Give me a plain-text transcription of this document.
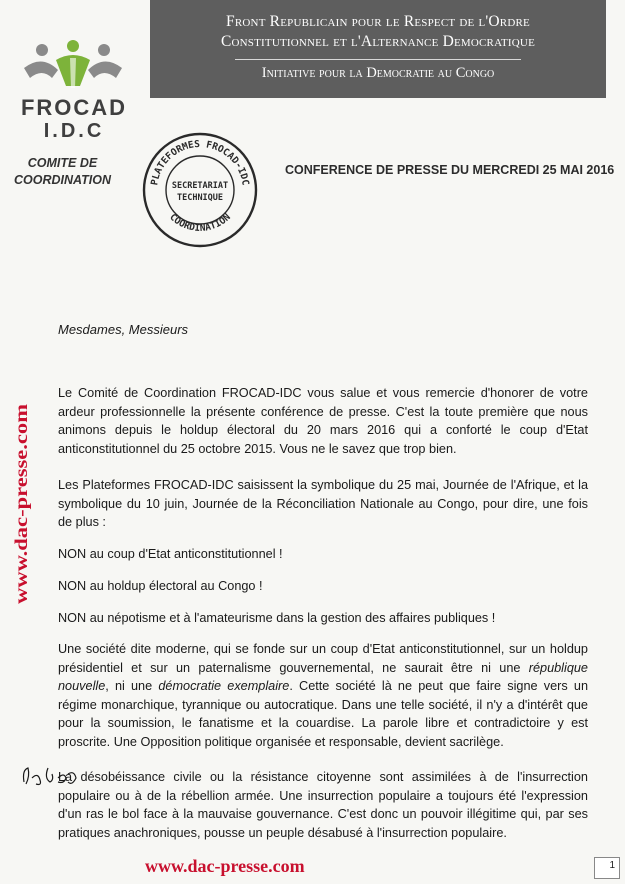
Front Republicain pour le Respect de l'Ordre
Constitutionnel et l'Alternance Democratique
Initiative pour la Democratie au Congo
FROCAD
I.D.C
COMITE DE
COORDINATION	PLATEFORMES FROCAD-IDC
COORDINATION
SECRETARIAT
TECHNIQUE
CONFERENCE DE PRESSE DU MERCREDI 25 MAI 2016
Mesdames, Messieurs
Le Comité de Coordination FROCAD-IDC vous salue et vous remercie d'honorer de votre ardeur professionnelle la présente conférence de presse. C'est la toute première que nous animons depuis le holdup électoral du 20 mars 2016 qui a conforté le coup d'Etat anticonstitutionnel du 25 octobre 2015. Vous ne le savez que trop bien.
Les Plateformes FROCAD-IDC saisissent la symbolique du 25 mai, Journée de l'Afrique, et la symbolique du 10 juin, Journée de la Réconciliation Nationale au Congo, pour dire, une fois de plus :
NON au coup d'Etat anticonstitutionnel !
NON au holdup électoral au Congo !
NON au népotisme et à l'amateurisme dans la gestion des affaires publiques !
Une société dite moderne, qui se fonde sur un coup d'Etat anticonstitutionnel, sur un holdup présidentiel et sur un paternalisme gouvernemental, ne saurait être ni une république nouvelle, ni une démocratie exemplaire. Cette société là ne peut que faire signe vers un régime monarchique, tyrannique ou autocratique. Dans une telle société, il n'y a d'intérêt que pour la soumission, le fanatisme et la couardise. La parole libre et contradictoire y est proscrite. Une Opposition politique organisée et responsable, devient sacrilège.
La désobéissance civile ou la résistance citoyenne sont assimilées à de l'insurrection populaire ou à de la rébellion armée. Une insurrection populaire a toujours été l'expression d'un ras le bol face à la mauvaise gouvernance. C'est donc un pouvoir illégitime qui, par ses pratiques anachroniques, pousse un peuple désabusé à l'insurrection populaire.
www.dac-presse.com
www.dac-presse.com	1
